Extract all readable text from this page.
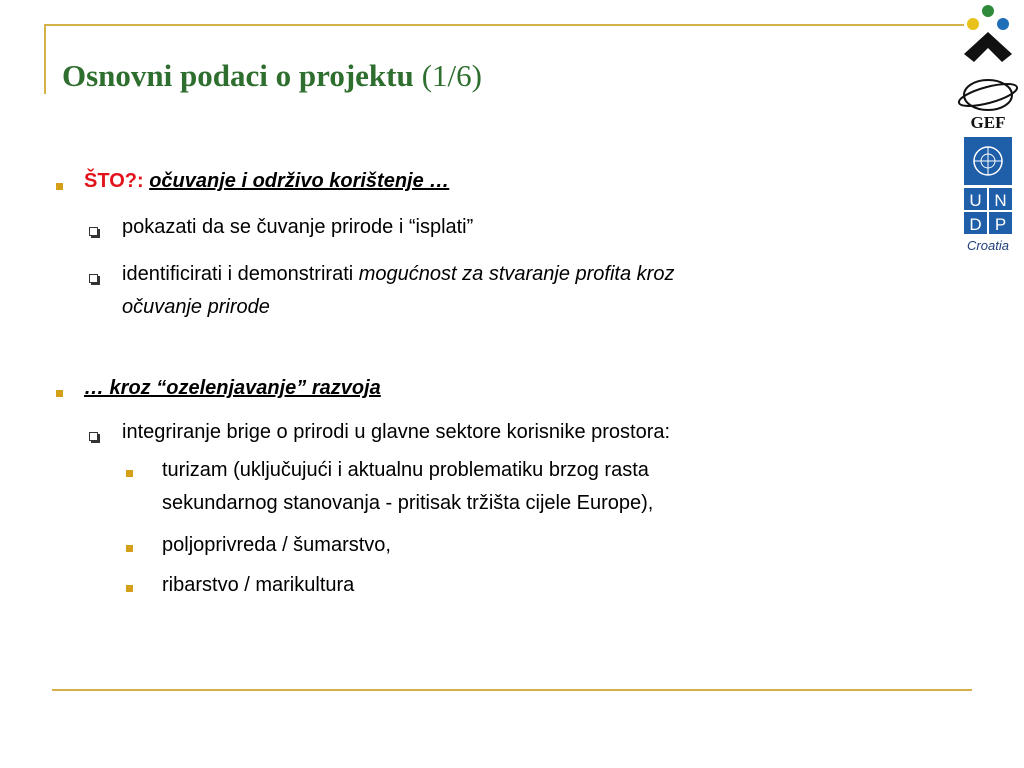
Osnovni podaci o projektu (1/6)
GEF
U N
D P
Croatia
ŠTO?: očuvanje i održivo korištenje …
pokazati da se čuvanje prirode i “isplati”
identificirati i demonstrirati mogućnost za stvaranje profita kroz
očuvanje prirode
… kroz “ozelenjavanje” razvoja
integriranje brige o prirodi u glavne sektore korisnike prostora:
turizam (uključujući i aktualnu problematiku brzog rasta
sekundarnog stanovanja - pritisak tržišta cijele Europe),
poljoprivreda / šumarstvo,
ribarstvo / marikultura
